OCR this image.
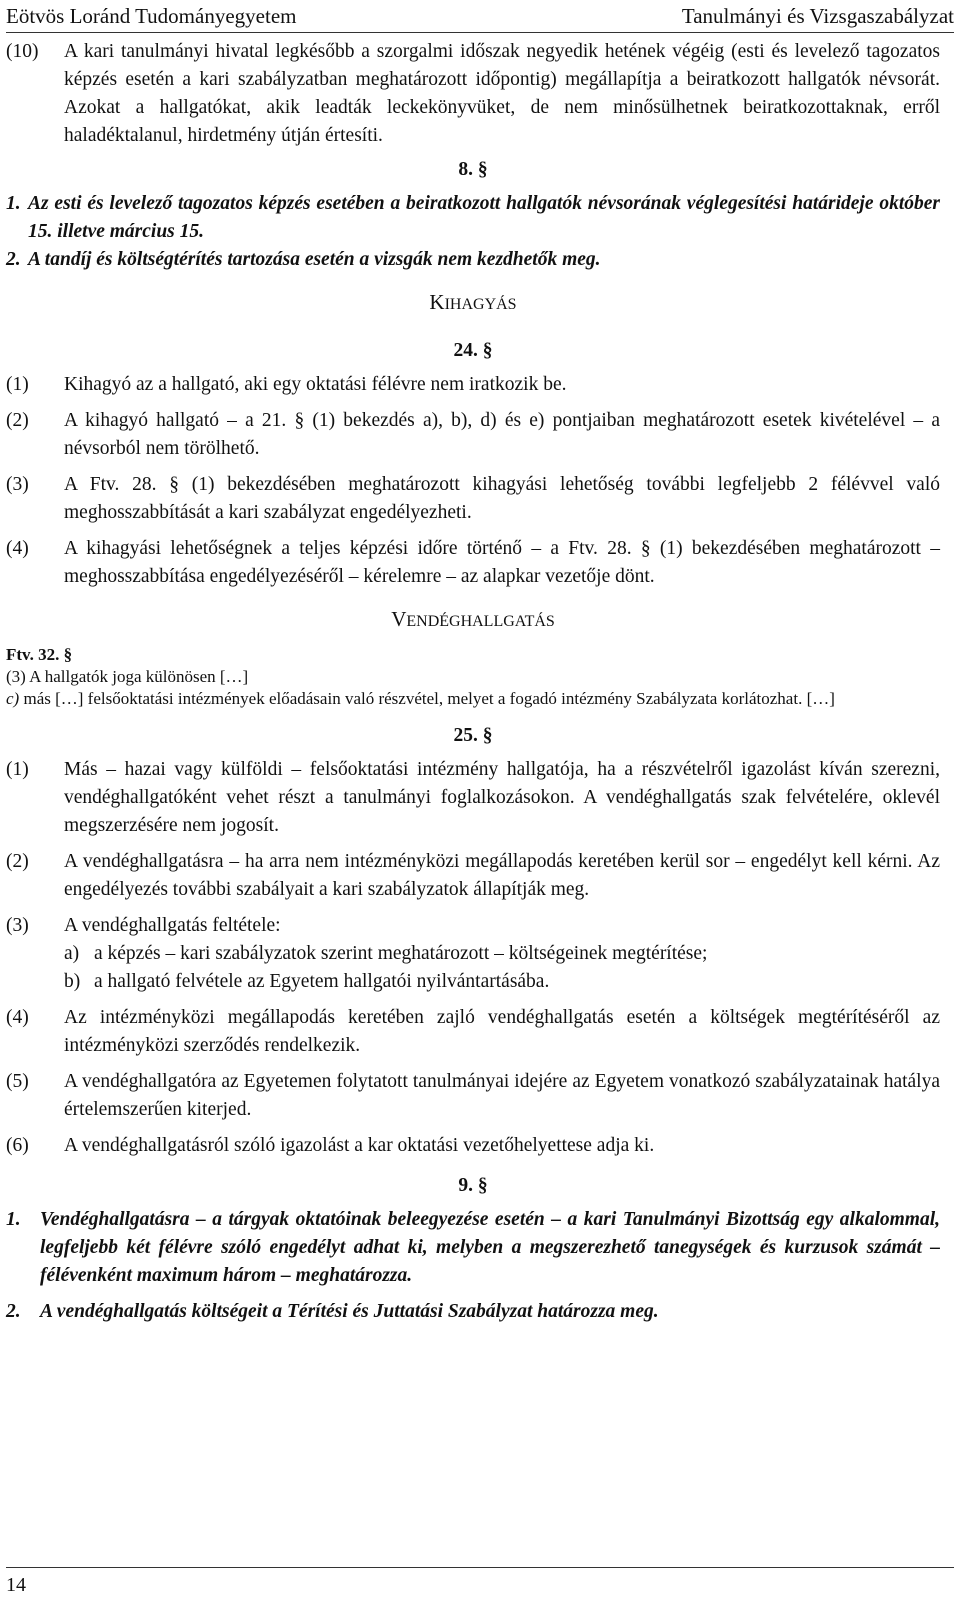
Eötvös Loránd Tudományegyetem	Tanulmányi és Vizsgaszabályzat
(10)	A kari tanulmányi hivatal legkésőbb a szorgalmi időszak negyedik hetének végéig (esti és levelező tagozatos képzés esetén a kari szabályzatban meghatározott időpontig) megállapítja a beiratkozott hallgatók névsorát. Azokat a hallgatókat, akik leadták leckekönyvüket, de nem minősülhetnek beiratkozottaknak, erről haladéktalanul, hirdetmény útján értesíti.
8. §
1. Az esti és levelező tagozatos képzés esetében a beiratkozott hallgatók névsorának véglegesítési határideje október 15. illetve március 15.
2. A tandíj és költségtérítés tartozása esetén a vizsgák nem kezdhetők meg.
KIHAGYÁS
24. §
(1)	Kihagyó az a hallgató, aki egy oktatási félévre nem iratkozik be.
(2)	A kihagyó hallgató – a 21. § (1) bekezdés a), b), d) és e) pontjaiban meghatározott esetek kivételével – a névsorból nem törölhető.
(3)	A Ftv. 28. § (1) bekezdésében meghatározott kihagyási lehetőség további legfeljebb 2 félévvel való meghosszabbítását a kari szabályzat engedélyezheti.
(4)	A kihagyási lehetőségnek a teljes képzési időre történő – a Ftv. 28. § (1) bekezdésében meghatározott – meghosszabbítása engedélyezéséről – kérelemre – az alapkar vezetője dönt.
VENDÉGHALLGATÁS
Ftv. 32. §
(3) A hallgatók joga különösen […]
c) más […] felsőoktatási intézmények előadásain való részvétel, melyet a fogadó intézmény Szabályzata korlátozhat. […]
25. §
(1)	Más – hazai vagy külföldi – felsőoktatási intézmény hallgatója, ha a részvételről igazolást kíván szerezni, vendéghallgatóként vehet részt a tanulmányi foglalkozásokon. A vendéghallgatás szak felvételére, oklevél megszerzésére nem jogosít.
(2)	A vendéghallgatásra – ha arra nem intézményközi megállapodás keretében kerül sor – engedélyt kell kérni. Az engedélyezés további szabályait a kari szabályzatok állapítják meg.
(3)	A vendéghallgatás feltétele:
a) a képzés – kari szabályzatok szerint meghatározott – költségeinek megtérítése;
b) a hallgató felvétele az Egyetem hallgatói nyilvántartásába.
(4)	Az intézményközi megállapodás keretében zajló vendéghallgatás esetén a költségek megtérítéséről az intézményközi szerződés rendelkezik.
(5)	A vendéghallgatóra az Egyetemen folytatott tanulmányai idejére az Egyetem vonatkozó szabályzatainak hatálya értelemszerűen kiterjed.
(6)	A vendéghallgatásról szóló igazolást a kar oktatási vezetőhelyettese adja ki.
9. §
1. Vendéghallgatásra – a tárgyak oktatóinak beleegyezése esetén – a kari Tanulmányi Bizottság egy alkalommal, legfeljebb két félévre szóló engedélyt adhat ki, melyben a megszerezhető tanegységek és kurzusok számát – félévenként maximum három – meghatározza.
2. A vendéghallgatás költségeit a Térítési és Juttatási Szabályzat határozza meg.
14
